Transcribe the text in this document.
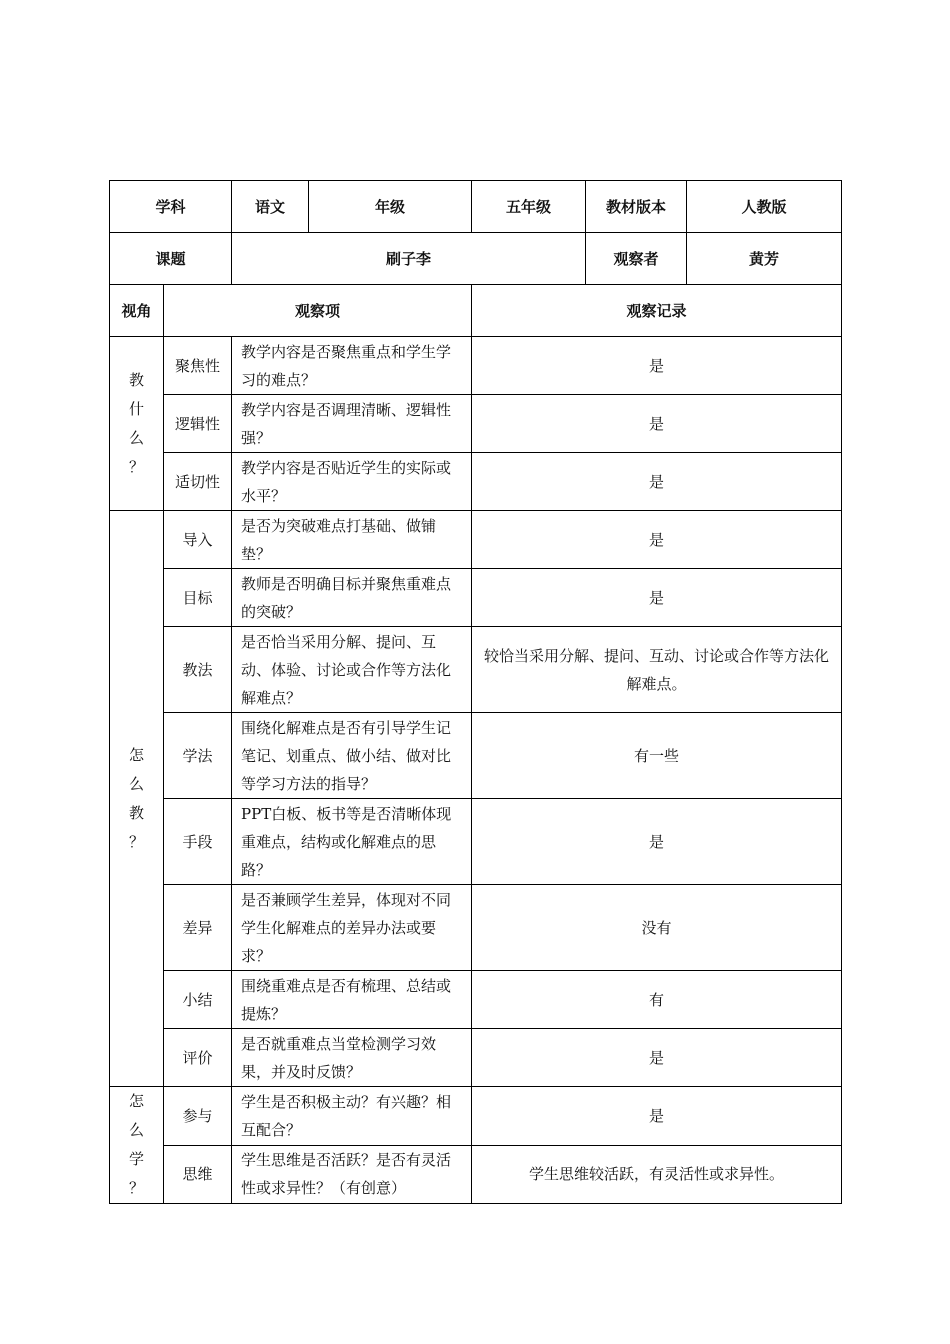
学科		语文	年级	五年级	教材版本	人教版
课题		刷子李			观察者	黄芳
视角	观察项			观察记录		

教
什
么
？	聚焦性	教学内容是否聚焦重点和学生学习的难点？		是		
	逻辑性	教学内容是否调理清晰、逻辑性强？		是		
	适切性	教学内容是否贴近学生的实际或水平？		是		

怎
么
教
？	导入	是否为突破难点打基础、做铺垫？		是		
	目标	教师是否明确目标并聚焦重难点的突破？		是		
	教法	是否恰当采用分解、提问、互动、体验、讨论或合作等方法化解难点？		较恰当采用分解、提问、互动、讨论或合作等方法化解难点。		
	学法	围绕化解难点是否有引导学生记笔记、划重点、做小结、做对比等学习方法的指导？		有一些		
	手段	PPT白板、板书等是否清晰体现重难点，结构或化解难点的思路？		是		
	差异	是否兼顾学生差异，体现对不同学生化解难点的差异办法或要求？		没有		
	小结	围绕重难点是否有梳理、总结或提炼？		有		
	评价	是否就重难点当堂检测学习效果，并及时反馈？		是		

怎
么
学
？	参与	学生是否积极主动？有兴趣？相互配合？		是		
	思维	学生思维是否活跃？是否有灵活性或求异性？（有创意）		学生思维较活跃，有灵活性或求异性。		
